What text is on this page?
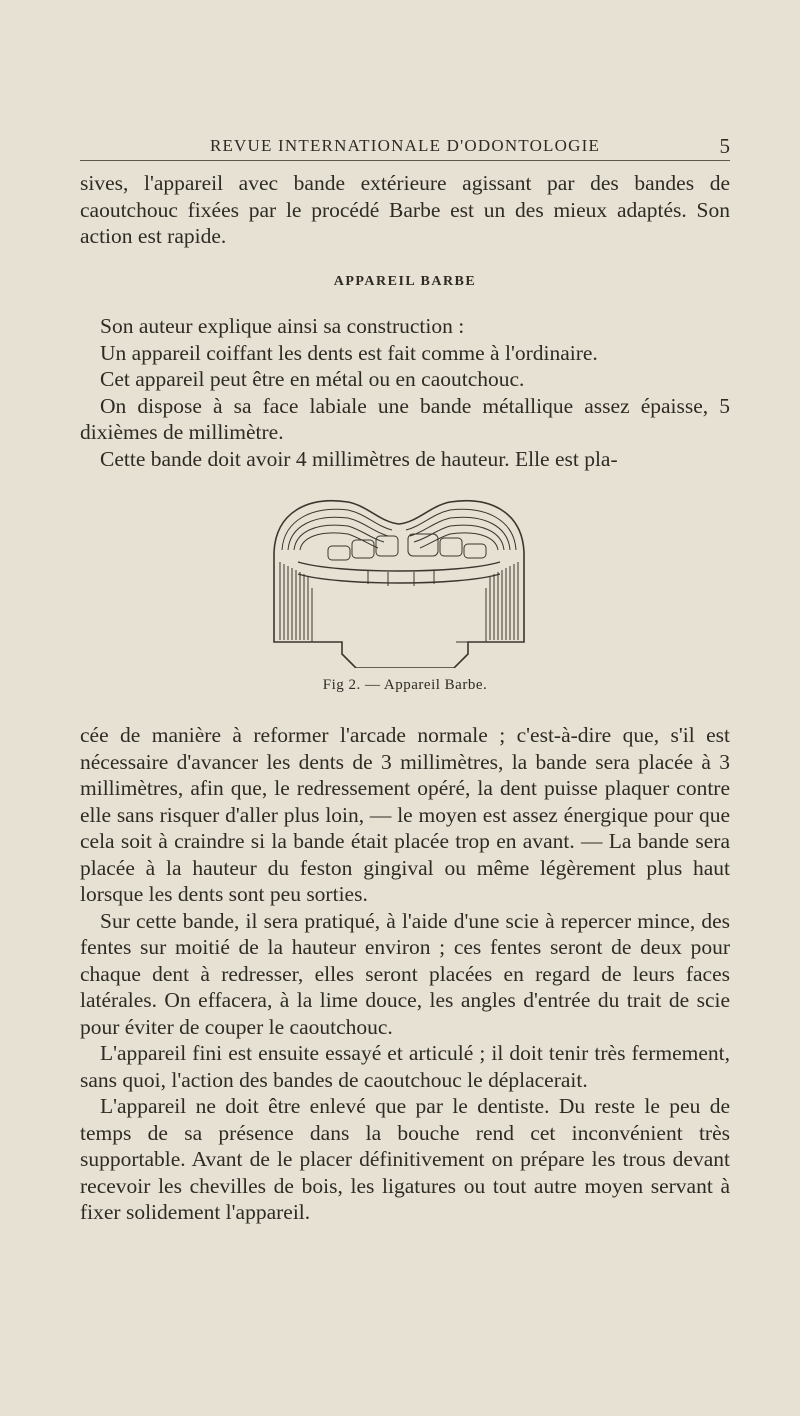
REVUE INTERNATIONALE D'ODONTOLOGIE	5

sives, l'appareil avec bande extérieure agissant par des bandes de caoutchouc fixées par le procédé Barbe est un des mieux adaptés. Son action est rapide.

APPAREIL BARBE

Son auteur explique ainsi sa construction :

Un appareil coiffant les dents est fait comme à l'ordinaire.

Cet appareil peut être en métal ou en caoutchouc.

On dispose à sa face labiale une bande métallique assez épaisse, 5 dixièmes de millimètre.

Cette bande doit avoir 4 millimètres de hauteur. Elle est pla-

Fig 2. — Appareil Barbe.

cée de manière à reformer l'arcade normale ; c'est-à-dire que, s'il est nécessaire d'avancer les dents de 3 millimètres, la bande sera placée à 3 millimètres, afin que, le redressement opéré, la dent puisse plaquer contre elle sans risquer d'aller plus loin, — le moyen est assez énergique pour que cela soit à craindre si la bande était placée trop en avant. — La bande sera placée à la hauteur du feston gingival ou même légèrement plus haut lorsque les dents sont peu sorties.

Sur cette bande, il sera pratiqué, à l'aide d'une scie à repercer mince, des fentes sur moitié de la hauteur environ ; ces fentes seront de deux pour chaque dent à redresser, elles seront placées en regard de leurs faces latérales. On effacera, à la lime douce, les angles d'entrée du trait de scie pour éviter de couper le caoutchouc.

L'appareil fini est ensuite essayé et articulé ; il doit tenir très fermement, sans quoi, l'action des bandes de caoutchouc le déplacerait.

L'appareil ne doit être enlevé que par le dentiste. Du reste le peu de temps de sa présence dans la bouche rend cet inconvénient très supportable. Avant de le placer définitivement on prépare les trous devant recevoir les chevilles de bois, les ligatures ou tout autre moyen servant à fixer solidement l'appareil.
